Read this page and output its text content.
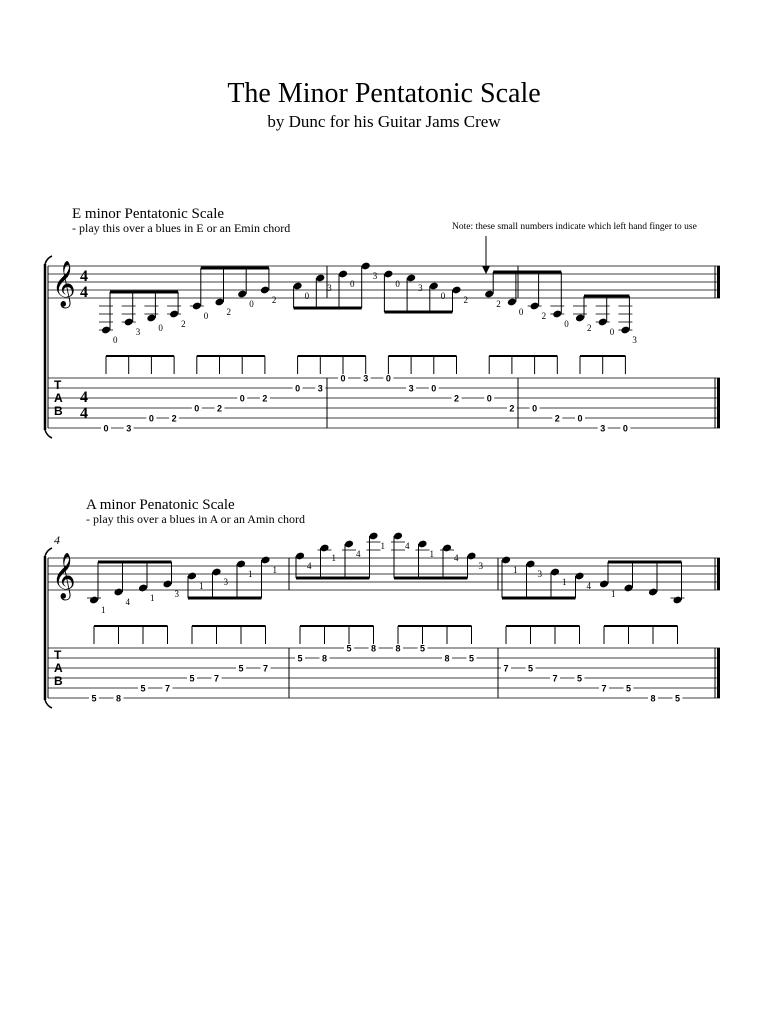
The Minor Pentatonic Scale
by Dunc for his Guitar Jams Crew
E minor Pentatonic Scale
- play this over a blues in E or an Emin chord	Note: these small numbers indicate which left hand finger to use
A minor Penatonic Scale
- play this over a blues in A or an Amin chord
4
𝄞 4
4
0
3 0 2
0 2
0 2	0
3 0
3
0 3
0 2	2
0 2
0 2 0
3
T
A
B
4
4
0 3
0 2
0 2
0 2
0 3
0 3 0
3 0
2	0
2 0
2 0
3 0
𝄞
1
4 1 3
1 3
1 1	4
1 4
1 4
1 4
3	1 3
1 4
1
T
A
B
5 8
5 7
5 7
5 7
5 8
5 8 8 5
8 5
7 5
7 5
7 5
8 5
